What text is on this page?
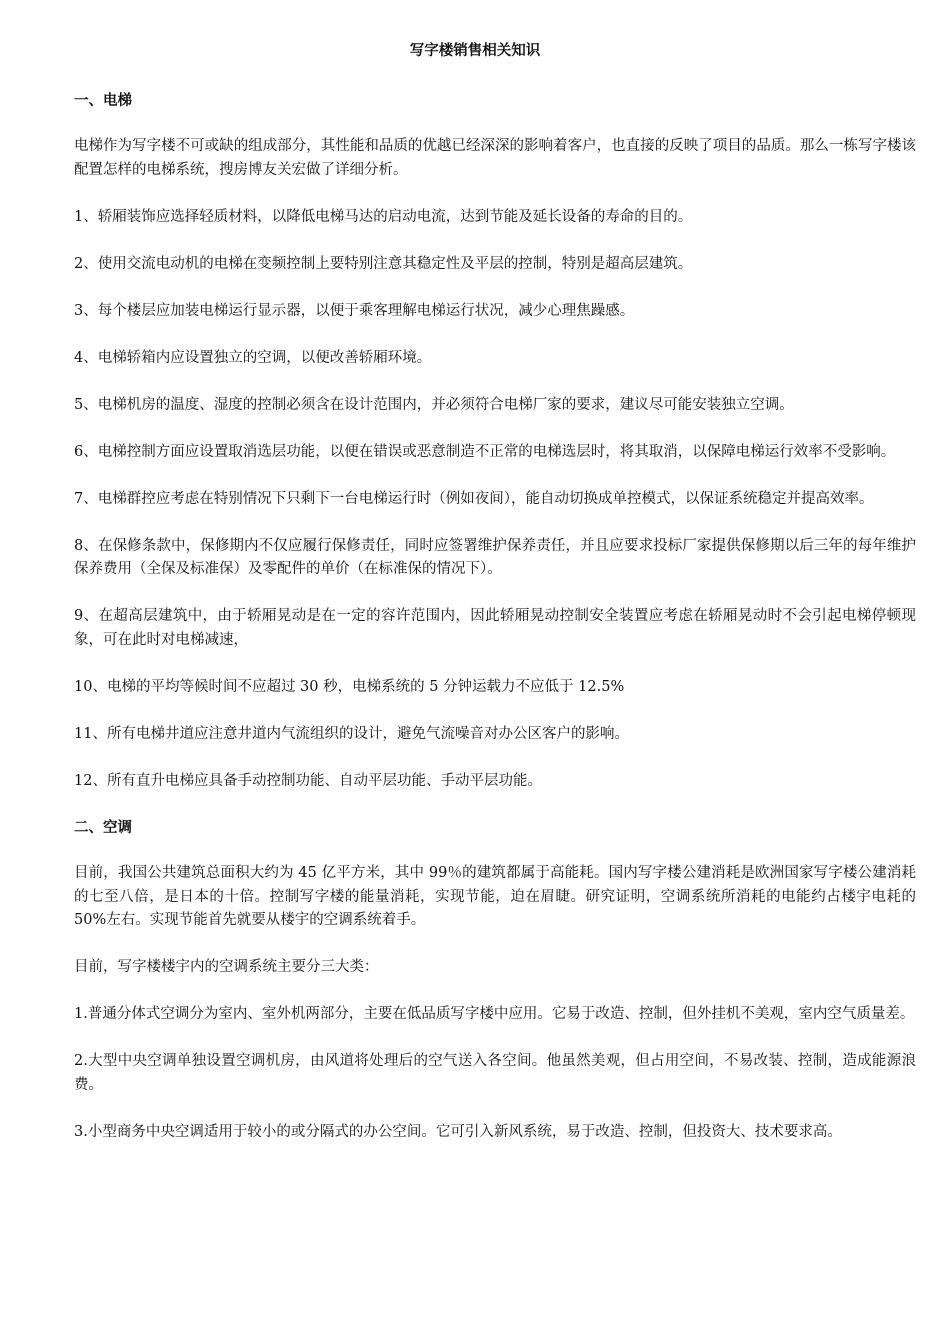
写字楼销售相关知识
一、电梯

电梯作为写字楼不可或缺的组成部分，其性能和品质的优越已经深深的影响着客户，也直接的反映了项目的品质。那么一栋写字楼该配置怎样的电梯系统，搜房博友关宏做了详细分析。

1、轿厢装饰应选择轻质材料，以降低电梯马达的启动电流，达到节能及延长设备的寿命的目的。

2、使用交流电动机的电梯在变频控制上要特别注意其稳定性及平层的控制，特别是超高层建筑。

3、每个楼层应加装电梯运行显示器，以便于乘客理解电梯运行状况，减少心理焦躁感。

4、电梯轿箱内应设置独立的空调，以便改善轿厢环境。

5、电梯机房的温度、湿度的控制必须含在设计范围内，并必须符合电梯厂家的要求，建议尽可能安装独立空调。

6、电梯控制方面应设置取消选层功能，以便在错误或恶意制造不正常的电梯选层时，将其取消，以保障电梯运行效率不受影响。

7、电梯群控应考虑在特别情况下只剩下一台电梯运行时（例如夜间），能自动切换成单控模式，以保证系统稳定并提高效率。

8、在保修条款中，保修期内不仅应履行保修责任，同时应签署维护保养责任，并且应要求投标厂家提供保修期以后三年的每年维护保养费用（全保及标准保）及零配件的单价（在标准保的情况下）。

9、在超高层建筑中，由于轿厢晃动是在一定的容许范围内，因此轿厢晃动控制安全装置应考虑在轿厢晃动时不会引起电梯停顿现象，可在此时对电梯减速，

10、电梯的平均等候时间不应超过 30 秒，电梯系统的 5 分钟运载力不应低于 12.5%

11、所有电梯井道应注意井道内气流组织的设计，避免气流噪音对办公区客户的影响。

12、所有直升电梯应具备手动控制功能、自动平层功能、手动平层功能。

二、空调

目前，我国公共建筑总面积大约为 45 亿平方米，其中 99％的建筑都属于高能耗。国内写字楼公建消耗是欧洲国家写字楼公建消耗的七至八倍，是日本的十倍。控制写字楼的能量消耗，实现节能，迫在眉睫。研究证明，空调系统所消耗的电能约占楼宇电耗的 50%左右。实现节能首先就要从楼宇的空调系统着手。

目前，写字楼楼宇内的空调系统主要分三大类：

1.普通分体式空调分为室内、室外机两部分，主要在低品质写字楼中应用。它易于改造、控制，但外挂机不美观，室内空气质量差。

2.大型中央空调单独设置空调机房，由风道将处理后的空气送入各空间。他虽然美观，但占用空间，不易改装、控制，造成能源浪费。

3.小型商务中央空调适用于较小的或分隔式的办公空间。它可引入新风系统，易于改造、控制，但投资大、技术要求高。
